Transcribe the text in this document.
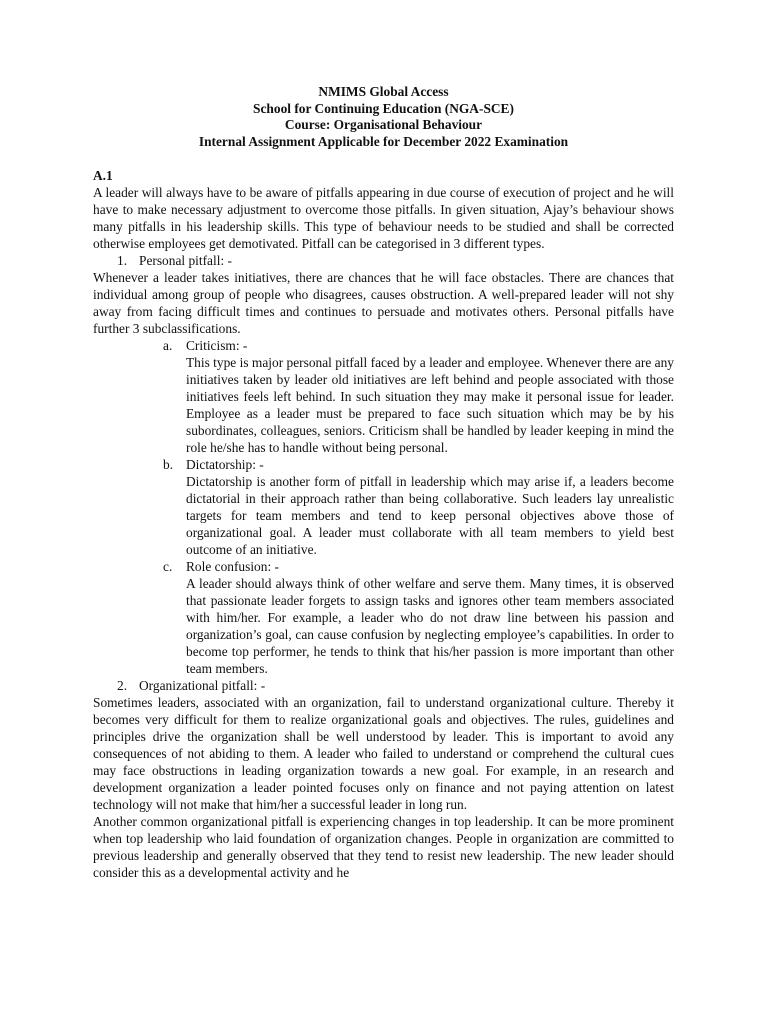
NMIMS Global Access
School for Continuing Education (NGA-SCE)
Course: Organisational Behaviour
Internal Assignment Applicable for December 2022 Examination
A.1

A leader will always have to be aware of pitfalls appearing in due course of execution of project and he will have to make necessary adjustment to overcome those pitfalls. In given situation, Ajay’s behaviour shows many pitfalls in his leadership skills. This type of behaviour needs to be studied and shall be corrected otherwise employees get demotivated. Pitfall can be categorised in 3 different types.

1. Personal pitfall: -

Whenever a leader takes initiatives, there are chances that he will face obstacles. There are chances that individual among group of people who disagrees, causes obstruction. A well-prepared leader will not shy away from facing difficult times and continues to persuade and motivates others. Personal pitfalls have further 3 subclassifications.

a.	Criticism: -

This type is major personal pitfall faced by a leader and employee. Whenever there are any initiatives taken by leader old initiatives are left behind and people associated with those initiatives feels left behind. In such situation they may make it personal issue for leader. Employee as a leader must be prepared to face such situation which may be by his subordinates, colleagues, seniors. Criticism shall be handled by leader keeping in mind the role he/she has to handle without being personal.

b. Dictatorship: -

Dictatorship is another form of pitfall in leadership which may arise if, a leaders become dictatorial in their approach rather than being collaborative. Such leaders lay unrealistic targets for team members and tend to keep personal objectives above those of organizational goal. A leader must collaborate with all team members to yield best outcome of an initiative.

c.	Role confusion: -

A leader should always think of other welfare and serve them. Many times, it is observed that passionate leader forgets to assign tasks and ignores other team members associated with him/her. For example, a leader who do not draw line between his passion and organization’s goal, can cause confusion by neglecting employee’s capabilities. In order to become top performer, he tends to think that his/her passion is more important than other team members.

2. Organizational pitfall: -

Sometimes leaders, associated with an organization, fail to understand organizational culture. Thereby it becomes very difficult for them to realize organizational goals and objectives. The rules, guidelines and principles drive the organization shall be well understood by leader. This is important to avoid any consequences of not abiding to them. A leader who failed to understand or comprehend the cultural cues may face obstructions in leading organization towards a new goal. For example, in an research and development organization a leader pointed focuses only on finance and not paying attention on latest technology will not make that him/her a successful leader in long run.

Another common organizational pitfall is experiencing changes in top leadership. It can be more prominent when top leadership who laid foundation of organization changes. People in organization are committed to previous leadership and generally observed that they tend to resist new leadership. The new leader should consider this as a developmental activity and he
